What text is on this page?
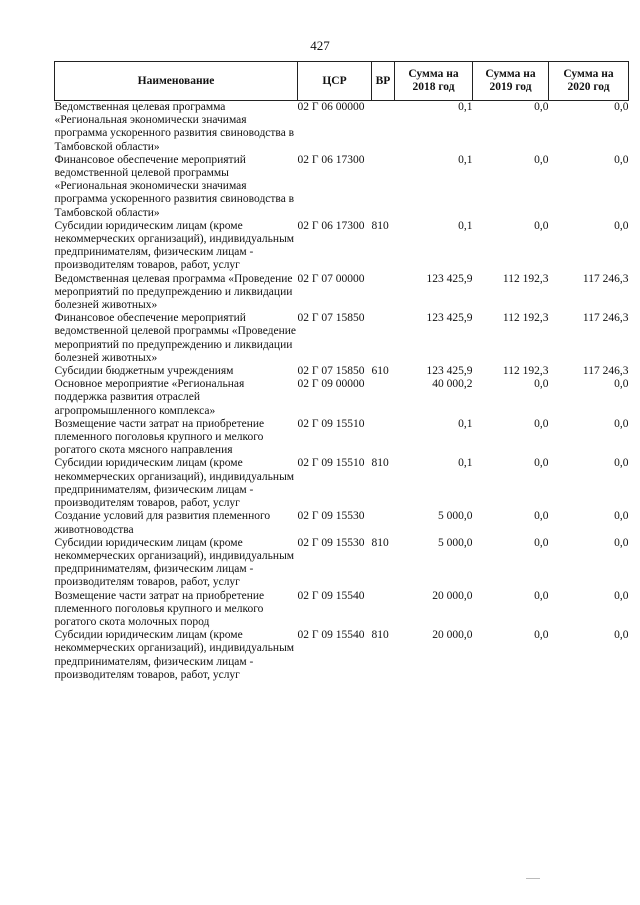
427
Наименование	ЦСР	ВР	Сумма на 2018 год	Сумма на 2019 год	Сумма на 2020 год
Ведомственная целевая программа «Региональная экономически значимая программа ускоренного развития свиноводства в Тамбовской области»	02 Г 06 00000		0,1	0,0	0,0
Финансовое обеспечение мероприятий ведомственной целевой программы «Региональная экономически значимая программа ускоренного развития свиноводства в Тамбовской области»	02 Г 06 17300		0,1	0,0	0,0
Субсидии юридическим лицам (кроме некоммерческих организаций), индивидуальным предпринимателям, физическим лицам - производителям товаров, работ, услуг	02 Г 06 17300	810	0,1	0,0	0,0
Ведомственная целевая программа «Проведение мероприятий по предупреждению и ликвидации болезней животных»	02 Г 07 00000		123 425,9	112 192,3	117 246,3
Финансовое обеспечение мероприятий ведомственной целевой программы «Проведение мероприятий по предупреждению и ликвидации болезней животных»	02 Г 07 15850		123 425,9	112 192,3	117 246,3
Субсидии бюджетным учреждениям	02 Г 07 15850	610	123 425,9	112 192,3	117 246,3
Основное мероприятие «Региональная поддержка развития отраслей агропромышленного комплекса»	02 Г 09 00000		40 000,2	0,0	0,0
Возмещение части затрат на приобретение племенного поголовья крупного и мелкого рогатого скота мясного направления	02 Г 09 15510		0,1	0,0	0,0
Субсидии юридическим лицам (кроме некоммерческих организаций), индивидуальным предпринимателям, физическим лицам - производителям товаров, работ, услуг	02 Г 09 15510	810	0,1	0,0	0,0
Создание условий для развития племенного животноводства	02 Г 09 15530		5 000,0	0,0	0,0
Субсидии юридическим лицам (кроме некоммерческих организаций), индивидуальным предпринимателям, физическим лицам - производителям товаров, работ, услуг	02 Г 09 15530	810	5 000,0	0,0	0,0
Возмещение части затрат на приобретение племенного поголовья крупного и мелкого рогатого скота молочных пород	02 Г 09 15540		20 000,0	0,0	0,0
Субсидии юридическим лицам (кроме некоммерческих организаций), индивидуальным предпринимателям, физическим лицам - производителям товаров, работ, услуг	02 Г 09 15540	810	20 000,0	0,0	0,0
